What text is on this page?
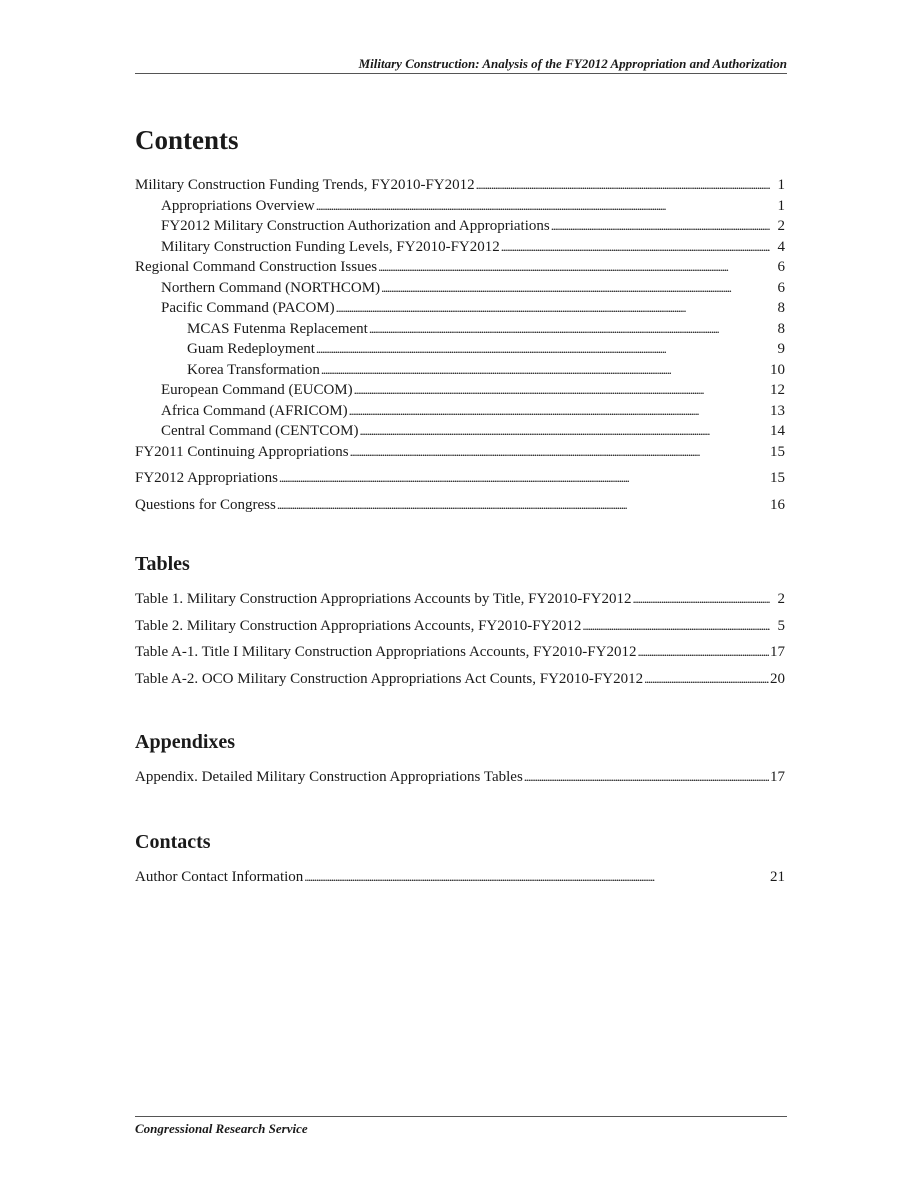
Military Construction: Analysis of the FY2012 Appropriation and Authorization
Contents
Military Construction Funding Trends, FY2010-FY2012 . . .	1
Appropriations Overview . . .	1
FY2012 Military Construction Authorization and Appropriations . . .	2
Military Construction Funding Levels, FY2010-FY2012 . . .	4
Regional Command Construction Issues . . .	6
Northern Command (NORTHCOM) . . .	6
Pacific Command (PACOM) . . .	8
MCAS Futenma Replacement . . .	8
Guam Redeployment . . .	9
Korea Transformation . . .	10
European Command (EUCOM) . . .	12
Africa Command (AFRICOM) . . .	13
Central Command (CENTCOM) . . .	14
FY2011 Continuing Appropriations . . .	15
FY2012 Appropriations . . .	15
Questions for Congress . . .	16
Tables
Table 1. Military Construction Appropriations Accounts by Title, FY2010-FY2012 . . .	2
Table 2. Military Construction Appropriations Accounts, FY2010-FY2012 . . .	5
Table A-1. Title I Military Construction Appropriations Accounts, FY2010-FY2012 . . .	17
Table A-2. OCO Military Construction Appropriations Act Counts, FY2010-FY2012 . . .	20
Appendixes
Appendix. Detailed Military Construction Appropriations Tables . . .	17
Contacts
Author Contact Information . . .	21
Congressional Research Service
